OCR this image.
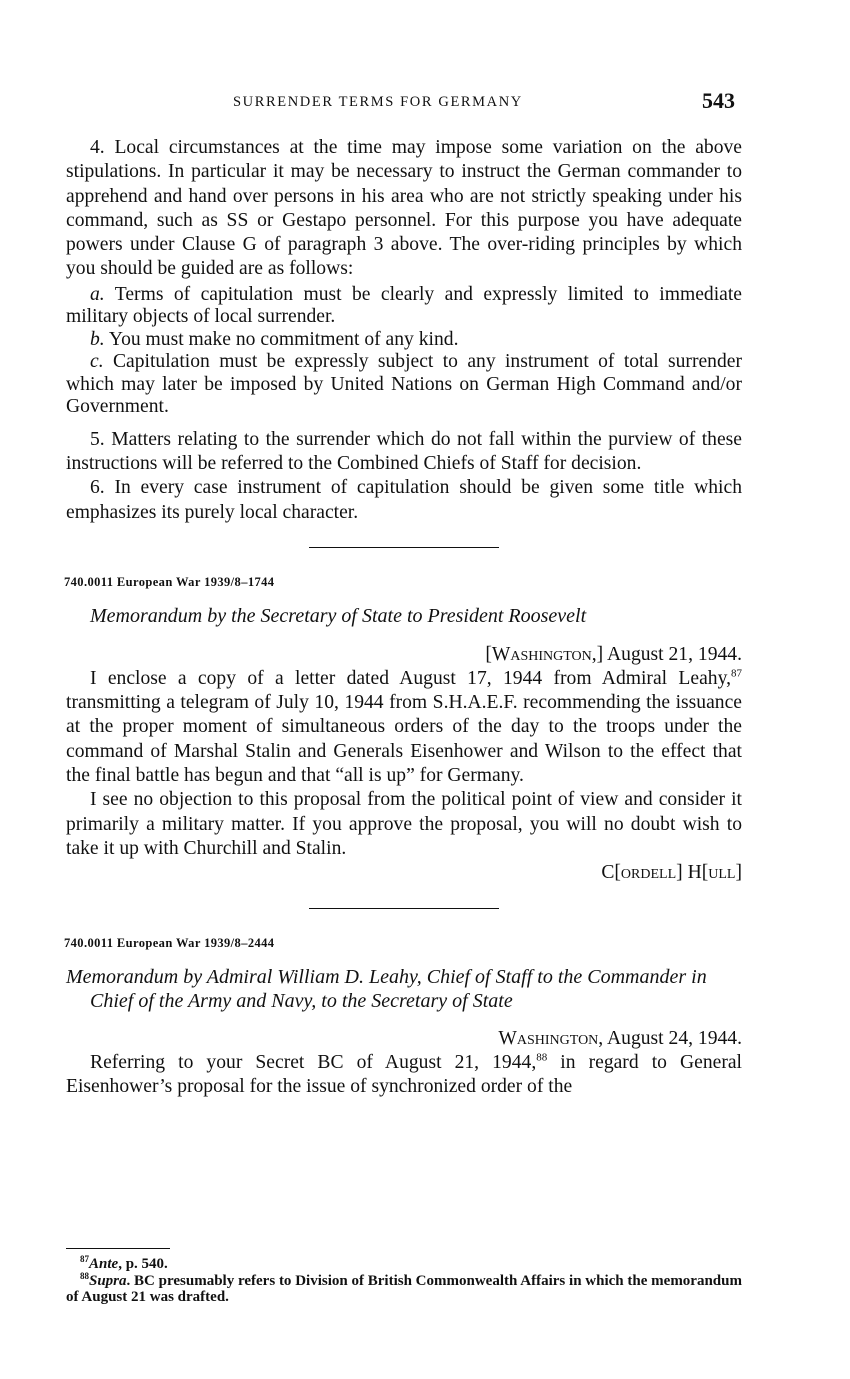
SURRENDER TERMS FOR GERMANY	543

4. Local circumstances at the time may impose some variation on the above stipulations. In particular it may be necessary to instruct the German commander to apprehend and hand over persons in his area who are not strictly speaking under his command, such as SS or Gestapo personnel. For this purpose you have adequate powers under Clause G of paragraph 3 above. The over-riding principles by which you should be guided are as follows:

a. Terms of capitulation must be clearly and expressly limited to immediate military objects of local surrender.

b. You must make no commitment of any kind.

c. Capitulation must be expressly subject to any instrument of total surrender which may later be imposed by United Nations on German High Command and/or Government.

5. Matters relating to the surrender which do not fall within the purview of these instructions will be referred to the Combined Chiefs of Staff for decision.

6. In every case instrument of capitulation should be given some title which emphasizes its purely local character.

740.0011 European War 1939/8–1744
Memorandum by the Secretary of State to President Roosevelt

[Washington,] August 21, 1944.

I enclose a copy of a letter dated August 17, 1944 from Admiral Leahy,$^{87}$ transmitting a telegram of July 10, 1944 from S.H.A.E.F. recommending the issuance at the proper moment of simultaneous orders of the day to the troops under the command of Marshal Stalin and Generals Eisenhower and Wilson to the effect that the final battle has begun and that “all is up” for Germany.

I see no objection to this proposal from the political point of view and consider it primarily a military matter. If you approve the proposal, you will no doubt wish to take it up with Churchill and Stalin.

C[ordell] H[ull]

740.0011 European War 1939/8–2444
Memorandum by Admiral William D. Leahy, Chief of Staff to the Commander in Chief of the Army and Navy, to the Secretary of State

Washington, August 24, 1944.

Referring to your Secret BC of August 21, 1944,88 in regard to General Eisenhower’s proposal for the issue of synchronized order of the

$^{87}$Ante, p. 540.

$^{88}$Supra. BC presumably refers to Division of British Commonwealth Affairs in which the memorandum of August 21 was drafted.
